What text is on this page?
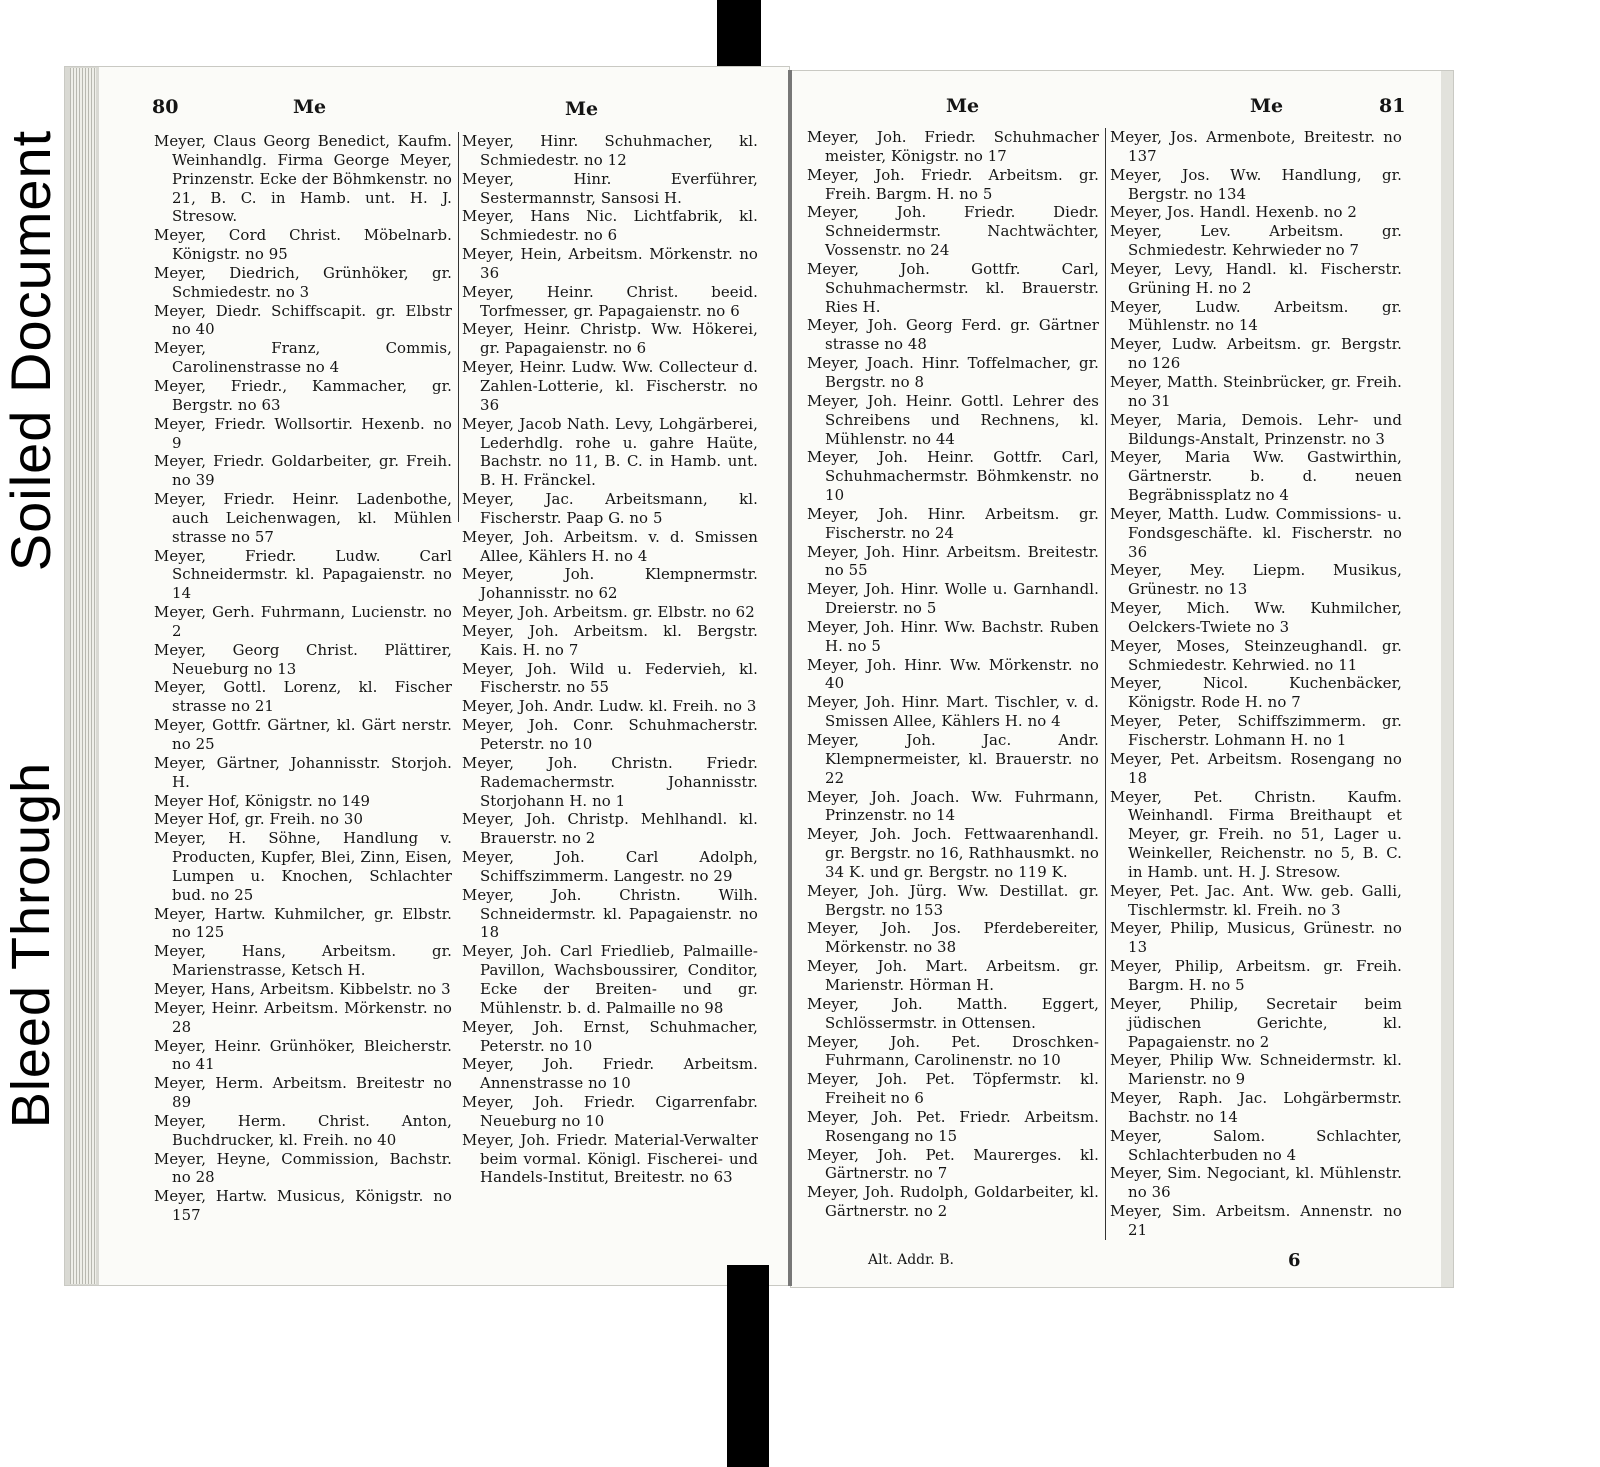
Soiled Document
Bleed Through
80	Me	Me	Me	Me	81
Meyer, Claus Georg Benedict, Kaufm. Weinhandlg. Firma George Meyer, Prinzenstr. Ecke der Böhmkenstr. no 21, B. C. in Hamb. unt. H. J. Stresow.
Meyer, Cord Christ. Möbelnarb. Königstr. no 95
Meyer, Diedrich, Grünhöker, gr. Schmiedestr. no 3
Meyer, Diedr. Schiffscapit. gr. Elbstr no 40
Meyer, Franz, Commis, Carolinenstrasse no 4
Meyer, Friedr., Kammacher, gr. Bergstr. no 63
Meyer, Friedr. Wollsortir. Hexenb. no 9
Meyer, Friedr. Goldarbeiter, gr. Freih. no 39
Meyer, Friedr. Heinr. Ladenbothe, auch Leichenwagen, kl. Mühlen strasse no 57
Meyer, Friedr. Ludw. Carl Schneidermstr. kl. Papagaienstr. no 14
Meyer, Gerh. Fuhrmann, Lucienstr. no 2
Meyer, Georg Christ. Plättirer, Neueburg no 13
Meyer, Gottl. Lorenz, kl. Fischer strasse no 21
Meyer, Gottfr. Gärtner, kl. Gärt nerstr. no 25
Meyer, Gärtner, Johannisstr. Storjoh. H.
Meyer Hof, Königstr. no 149
Meyer Hof, gr. Freih. no 30
Meyer, H. Söhne, Handlung v. Producten, Kupfer, Blei, Zinn, Eisen, Lumpen u. Knochen, Schlachter bud. no 25
Meyer, Hartw. Kuhmilcher, gr. Elbstr. no 125
Meyer, Hans, Arbeitsm. gr. Marienstrasse, Ketsch H.
Meyer, Hans, Arbeitsm. Kibbelstr. no 3
Meyer, Heinr. Arbeitsm. Mörkenstr. no 28
Meyer, Heinr. Grünhöker, Bleicherstr. no 41
Meyer, Herm. Arbeitsm. Breitestr no 89
Meyer, Herm. Christ. Anton, Buchdrucker, kl. Freih. no 40
Meyer, Heyne, Commission, Bachstr. no 28
Meyer, Hartw. Musicus, Königstr. no 157
Meyer, Hinr. Schuhmacher, kl. Schmiedestr. no 12
Meyer, Hinr. Everführer, Sestermannstr, Sansosi H.
Meyer, Hans Nic. Lichtfabrik, kl. Schmiedestr. no 6
Meyer, Hein, Arbeitsm. Mörkenstr. no 36
Meyer, Heinr. Christ. beeid. Torfmesser, gr. Papagaienstr. no 6
Meyer, Heinr. Christp. Ww. Hökerei, gr. Papagaienstr. no 6
Meyer, Heinr. Ludw. Ww. Collecteur d. Zahlen-Lotterie, kl. Fischerstr. no 36
Meyer, Jacob Nath. Levy, Lohgärberei, Lederhdlg. rohe u. gahre Haüte, Bachstr. no 11, B. C. in Hamb. unt. B. H. Fränckel.
Meyer, Jac. Arbeitsmann, kl. Fischerstr. Paap G. no 5
Meyer, Joh. Arbeitsm. v. d. Smissen Allee, Kählers H. no 4
Meyer, Joh. Klempnermstr. Johannisstr. no 62
Meyer, Joh. Arbeitsm. gr. Elbstr. no 62
Meyer, Joh. Arbeitsm. kl. Bergstr. Kais. H. no 7
Meyer, Joh. Wild u. Federvieh, kl. Fischerstr. no 55
Meyer, Joh. Andr. Ludw. kl. Freih. no 3
Meyer, Joh. Conr. Schuhmacherstr. Peterstr. no 10
Meyer, Joh. Christn. Friedr. Rademachermstr. Johannisstr. Storjohann H. no 1
Meyer, Joh. Christp. Mehlhandl. kl. Brauerstr. no 2
Meyer, Joh. Carl Adolph, Schiffszimmerm. Langestr. no 29
Meyer, Joh. Christn. Wilh. Schneidermstr. kl. Papagaienstr. no 18
Meyer, Joh. Carl Friedlieb, Palmaille-Pavillon, Wachsboussirer, Conditor, Ecke der Breiten- und gr. Mühlenstr. b. d. Palmaille no 98
Meyer, Joh. Ernst, Schuhmacher, Peterstr. no 10
Meyer, Joh. Friedr. Arbeitsm. Annenstrasse no 10
Meyer, Joh. Friedr. Cigarrenfabr. Neueburg no 10
Meyer, Joh. Friedr. Material-Verwalter beim vormal. Königl. Fischerei- und Handels-Institut, Breitestr. no 63
Meyer, Joh. Friedr. Schuhmacher meister, Königstr. no 17
Meyer, Joh. Friedr. Arbeitsm. gr. Freih. Bargm. H. no 5
Meyer, Joh. Friedr. Diedr. Schneidermstr. Nachtwächter, Vossenstr. no 24
Meyer, Joh. Gottfr. Carl, Schuhmachermstr. kl. Brauerstr. Ries H.
Meyer, Joh. Georg Ferd. gr. Gärtner strasse no 48
Meyer, Joach. Hinr. Toffelmacher, gr. Bergstr. no 8
Meyer, Joh. Heinr. Gottl. Lehrer des Schreibens und Rechnens, kl. Mühlenstr. no 44
Meyer, Joh. Heinr. Gottfr. Carl, Schuhmachermstr. Böhmkenstr. no 10
Meyer, Joh. Hinr. Arbeitsm. gr. Fischerstr. no 24
Meyer, Joh. Hinr. Arbeitsm. Breitestr. no 55
Meyer, Joh. Hinr. Wolle u. Garnhandl. Dreierstr. no 5
Meyer, Joh. Hinr. Ww. Bachstr. Ruben H. no 5
Meyer, Joh. Hinr. Ww. Mörkenstr. no 40
Meyer, Joh. Hinr. Mart. Tischler, v. d. Smissen Allee, Kählers H. no 4
Meyer, Joh. Jac. Andr. Klempnermeister, kl. Brauerstr. no 22
Meyer, Joh. Joach. Ww. Fuhrmann, Prinzenstr. no 14
Meyer, Joh. Joch. Fettwaarenhandl. gr. Bergstr. no 16, Rathhausmkt. no 34 K. und gr. Bergstr. no 119 K.
Meyer, Joh. Jürg. Ww. Destillat. gr. Bergstr. no 153
Meyer, Joh. Jos. Pferdebereiter, Mörkenstr. no 38
Meyer, Joh. Mart. Arbeitsm. gr. Marienstr. Hörman H.
Meyer, Joh. Matth. Eggert, Schlössermstr. in Ottensen.
Meyer, Joh. Pet. Droschken-Fuhrmann, Carolinenstr. no 10
Meyer, Joh. Pet. Töpfermstr. kl. Freiheit no 6
Meyer, Joh. Pet. Friedr. Arbeitsm. Rosengang no 15
Meyer, Joh. Pet. Maurerges. kl. Gärtnerstr. no 7
Meyer, Joh. Rudolph, Goldarbeiter, kl. Gärtnerstr. no 2
Meyer, Jos. Armenbote, Breitestr. no 137
Meyer, Jos. Ww. Handlung, gr. Bergstr. no 134
Meyer, Jos. Handl. Hexenb. no 2
Meyer, Lev. Arbeitsm. gr. Schmiedestr. Kehrwieder no 7
Meyer, Levy, Handl. kl. Fischerstr. Grüning H. no 2
Meyer, Ludw. Arbeitsm. gr. Mühlenstr. no 14
Meyer, Ludw. Arbeitsm. gr. Bergstr. no 126
Meyer, Matth. Steinbrücker, gr. Freih. no 31
Meyer, Maria, Demois. Lehr- und Bildungs-Anstalt, Prinzenstr. no 3
Meyer, Maria Ww. Gastwirthin, Gärtnerstr. b. d. neuen Begräbnissplatz no 4
Meyer, Matth. Ludw. Commissions- u. Fondsgeschäfte. kl. Fischerstr. no 36
Meyer, Mey. Liepm. Musikus, Grünestr. no 13
Meyer, Mich. Ww. Kuhmilcher, Oelckers-Twiete no 3
Meyer, Moses, Steinzeughandl. gr. Schmiedestr. Kehrwied. no 11
Meyer, Nicol. Kuchenbäcker, Königstr. Rode H. no 7
Meyer, Peter, Schiffszimmerm. gr. Fischerstr. Lohmann H. no 1
Meyer, Pet. Arbeitsm. Rosengang no 18
Meyer, Pet. Christn. Kaufm. Weinhandl. Firma Breithaupt et Meyer, gr. Freih. no 51, Lager u. Weinkeller, Reichenstr. no 5, B. C. in Hamb. unt. H. J. Stresow.
Meyer, Pet. Jac. Ant. Ww. geb. Galli, Tischlermstr. kl. Freih. no 3
Meyer, Philip, Musicus, Grünestr. no 13
Meyer, Philip, Arbeitsm. gr. Freih. Bargm. H. no 5
Meyer, Philip, Secretair beim jüdischen Gerichte, kl. Papagaienstr. no 2
Meyer, Philip Ww. Schneidermstr. kl. Marienstr. no 9
Meyer, Raph. Jac. Lohgärbermstr. Bachstr. no 14
Meyer, Salom. Schlachter, Schlachterbuden no 4
Meyer, Sim. Negociant, kl. Mühlenstr. no 36
Meyer, Sim. Arbeitsm. Annenstr. no 21
Alt. Addr. B.	6
